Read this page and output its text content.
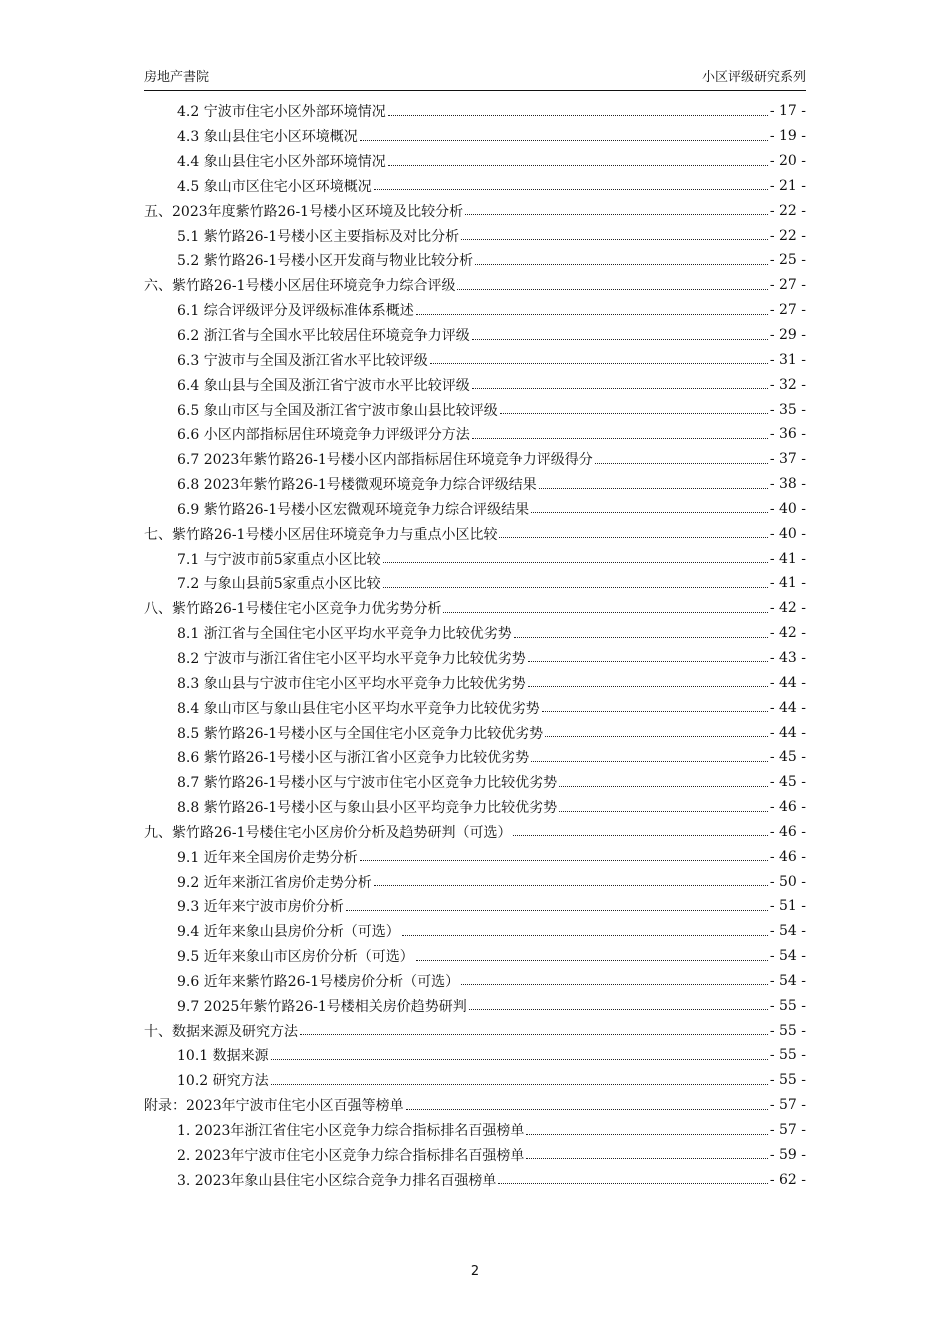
房地产書院	小区评级研究系列
4.2 宁波市住宅小区外部环境情况	- 17 -
4.3 象山县住宅小区环境概况	- 19 -
4.4 象山县住宅小区外部环境情况	- 20 -
4.5 象山市区住宅小区环境概况	- 21 -
五、2023年度紫竹路26-1号楼小区环境及比较分析	- 22 -
5.1 紫竹路26-1号楼小区主要指标及对比分析	- 22 -
5.2 紫竹路26-1号楼小区开发商与物业比较分析	- 25 -
六、紫竹路26-1号楼小区居住环境竞争力综合评级	- 27 -
6.1 综合评级评分及评级标准体系概述	- 27 -
6.2 浙江省与全国水平比较居住环境竞争力评级	- 29 -
6.3 宁波市与全国及浙江省水平比较评级	- 31 -
6.4 象山县与全国及浙江省宁波市水平比较评级	- 32 -
6.5 象山市区与全国及浙江省宁波市象山县比较评级	- 35 -
6.6 小区内部指标居住环境竞争力评级评分方法	- 36 -
6.7 2023年紫竹路26-1号楼小区内部指标居住环境竞争力评级得分	- 37 -
6.8 2023年紫竹路26-1号楼微观环境竞争力综合评级结果	- 38 -
6.9 紫竹路26-1号楼小区宏微观环境竞争力综合评级结果	- 40 -
七、紫竹路26-1号楼小区居住环境竞争力与重点小区比较	- 40 -
7.1 与宁波市前5家重点小区比较	- 41 -
7.2 与象山县前5家重点小区比较	- 41 -
八、紫竹路26-1号楼住宅小区竞争力优劣势分析	- 42 -
8.1 浙江省与全国住宅小区平均水平竞争力比较优劣势	- 42 -
8.2 宁波市与浙江省住宅小区平均水平竞争力比较优劣势	- 43 -
8.3 象山县与宁波市住宅小区平均水平竞争力比较优劣势	- 44 -
8.4 象山市区与象山县住宅小区平均水平竞争力比较优劣势	- 44 -
8.5 紫竹路26-1号楼小区与全国住宅小区竞争力比较优劣势	- 44 -
8.6 紫竹路26-1号楼小区与浙江省小区竞争力比较优劣势	- 45 -
8.7 紫竹路26-1号楼小区与宁波市住宅小区竞争力比较优劣势	- 45 -
8.8 紫竹路26-1号楼小区与象山县小区平均竞争力比较优劣势	- 46 -
九、紫竹路26-1号楼住宅小区房价分析及趋势研判（可选）	- 46 -
9.1 近年来全国房价走势分析	- 46 -
9.2 近年来浙江省房价走势分析	- 50 -
9.3 近年来宁波市房价分析	- 51 -
9.4 近年来象山县房价分析（可选）	- 54 -
9.5 近年来象山市区房价分析（可选）	- 54 -
9.6 近年来紫竹路26-1号楼房价分析（可选）	- 54 -
9.7 2025年紫竹路26-1号楼相关房价趋势研判	- 55 -
十、数据来源及研究方法	- 55 -
10.1 数据来源	- 55 -
10.2 研究方法	- 55 -
附录：2023年宁波市住宅小区百强等榜单	- 57 -
1. 2023年浙江省住宅小区竞争力综合指标排名百强榜单	- 57 -
2. 2023年宁波市住宅小区竞争力综合指标排名百强榜单	- 59 -
3. 2023年象山县住宅小区综合竞争力排名百强榜单	- 62 -
2
